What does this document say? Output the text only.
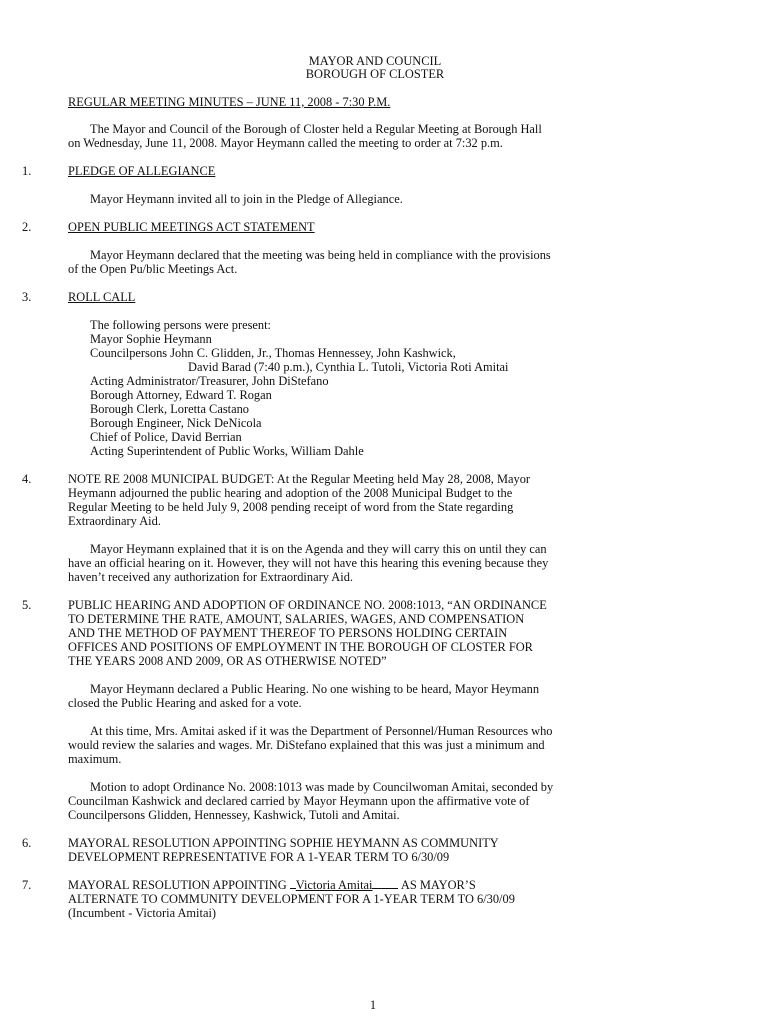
MAYOR AND COUNCIL
BOROUGH OF CLOSTER
REGULAR MEETING MINUTES – JUNE 11, 2008 - 7:30 P.M.
The Mayor and Council of the Borough of Closter held a Regular Meeting at Borough Hall
on Wednesday, June 11, 2008. Mayor Heymann called the meeting to order at 7:32 p.m.
1.	PLEDGE OF ALLEGIANCE
Mayor Heymann invited all to join in the Pledge of Allegiance.
2.	OPEN PUBLIC MEETINGS ACT STATEMENT
Mayor Heymann declared that the meeting was being held in compliance with the provisions
of the Open Pu/blic Meetings Act.
3.	ROLL CALL
The following persons were present:
Mayor Sophie Heymann
Councilpersons John C. Glidden, Jr., Thomas Hennessey, John Kashwick,
David Barad (7:40 p.m.), Cynthia L. Tutoli, Victoria Roti Amitai
Acting Administrator/Treasurer, John DiStefano
Borough Attorney, Edward T. Rogan
Borough Clerk, Loretta Castano
Borough Engineer, Nick DeNicola
Chief of Police, David Berrian
Acting Superintendent of Public Works, William Dahle
4.	NOTE RE 2008 MUNICIPAL BUDGET: At the Regular Meeting held May 28, 2008, Mayor
Heymann adjourned the public hearing and adoption of the 2008 Municipal Budget to the
Regular Meeting to be held July 9, 2008 pending receipt of word from the State regarding
Extraordinary Aid.
Mayor Heymann explained that it is on the Agenda and they will carry this on until they can
have an official hearing on it. However, they will not have this hearing this evening because they
haven’t received any authorization for Extraordinary Aid.
5.	PUBLIC HEARING AND ADOPTION OF ORDINANCE NO. 2008:1013, “AN ORDINANCE
TO DETERMINE THE RATE, AMOUNT, SALARIES, WAGES, AND COMPENSATION
AND THE METHOD OF PAYMENT THEREOF TO PERSONS HOLDING CERTAIN
OFFICES AND POSITIONS OF EMPLOYMENT IN THE BOROUGH OF CLOSTER FOR
THE YEARS 2008 AND 2009, OR AS OTHERWISE NOTED”
Mayor Heymann declared a Public Hearing. No one wishing to be heard, Mayor Heymann
closed the Public Hearing and asked for a vote.
At this time, Mrs. Amitai asked if it was the Department of Personnel/Human Resources who
would review the salaries and wages. Mr. DiStefano explained that this was just a minimum and
maximum.
Motion to adopt Ordinance No. 2008:1013 was made by Councilwoman Amitai, seconded by
Councilman Kashwick and declared carried by Mayor Heymann upon the affirmative vote of
Councilpersons Glidden, Hennessey, Kashwick, Tutoli and Amitai.
6.	MAYORAL RESOLUTION APPOINTING SOPHIE HEYMANN AS COMMUNITY
DEVELOPMENT REPRESENTATIVE FOR A 1-YEAR TERM TO 6/30/09
7.	MAYORAL RESOLUTION APPOINTING Victoria Amitai AS MAYOR’S
ALTERNATE TO COMMUNITY DEVELOPMENT FOR A 1-YEAR TERM TO 6/30/09
(Incumbent - Victoria Amitai)
1
